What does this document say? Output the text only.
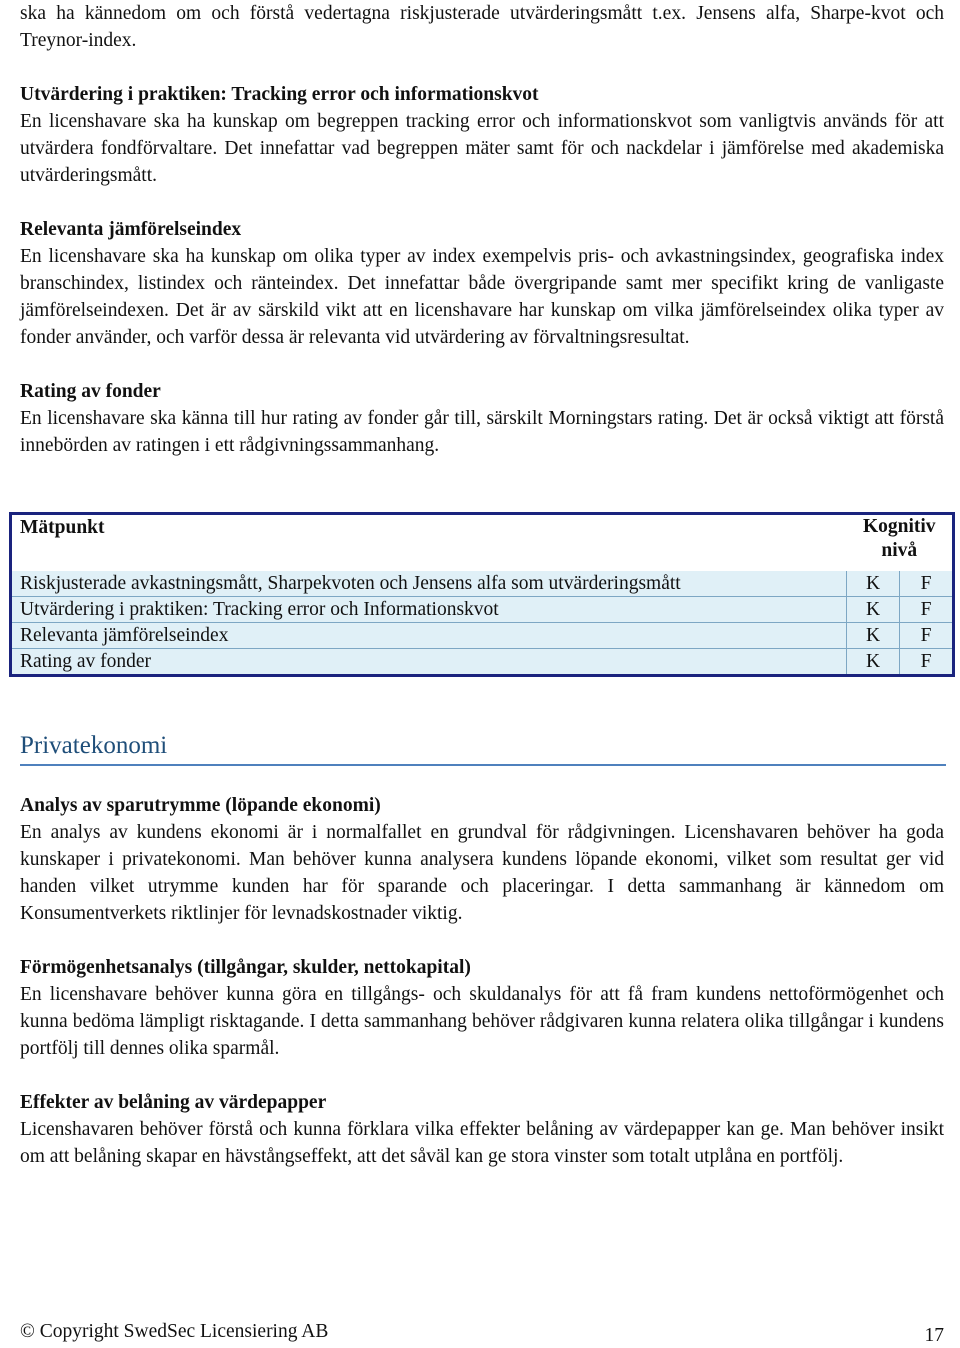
ska ha kännedom om och förstå vedertagna riskjusterade utvärderingsmått t.ex. Jensens alfa, Sharpe-kvot och Treynor-index.

Utvärdering i praktiken: Tracking error och informationskvot

En licenshavare ska ha kunskap om begreppen tracking error och informationskvot som vanligtvis används för att utvärdera fondförvaltare. Det innefattar vad begreppen mäter samt för och nackdelar i jämförelse med akademiska utvärderingsmått.

Relevanta jämförelseindex

En licenshavare ska ha kunskap om olika typer av index exempelvis pris- och avkastningsindex, geografiska index branschindex, listindex och ränteindex. Det innefattar både övergripande samt mer specifikt kring de vanligaste jämförelseindexen. Det är av särskild vikt att en licenshavare har kunskap om vilka jämförelseindex olika typer av fonder använder, och varför dessa är relevanta vid utvärdering av förvaltningsresultat.

Rating av fonder

En licenshavare ska känna till hur rating av fonder går till, särskilt Morningstars rating. Det är också viktigt att förstå innebörden av ratingen i ett rådgivningssammanhang.

Mätpunkt	Kognitiv
nivå	

Riskjusterade avkastningsmått, Sharpekvoten och Jensens alfa som utvärderingsmått	K	F
Utvärdering i praktiken: Tracking error och Informationskvot	K	F
Relevanta jämförelseindex	K	F
Rating av fonder	K	F
Privatekonomi
Analys av sparutrymme (löpande ekonomi)

En analys av kundens ekonomi är i normalfallet en grundval för rådgivningen. Licenshavaren behöver ha goda kunskaper i privatekonomi. Man behöver kunna analysera kundens löpande ekonomi, vilket som resultat ger vid handen vilket utrymme kunden har för sparande och placeringar. I detta sammanhang är kännedom om Konsumentverkets riktlinjer för levnadskostnader viktig.

Förmögenhetsanalys (tillgångar, skulder, nettokapital)

En licenshavare behöver kunna göra en tillgångs- och skuldanalys för att få fram kundens nettoförmögenhet och kunna bedöma lämpligt risktagande. I detta sammanhang behöver rådgivaren kunna relatera olika tillgångar i kundens portfölj till dennes olika sparmål.

Effekter av belåning av värdepapper

Licenshavaren behöver förstå och kunna förklara vilka effekter belåning av värdepapper kan ge. Man behöver insikt om att belåning skapar en hävstångseffekt, att det såväl kan ge stora vinster som totalt utplåna en portfölj.

© Copyright SwedSec Licensiering AB	17
